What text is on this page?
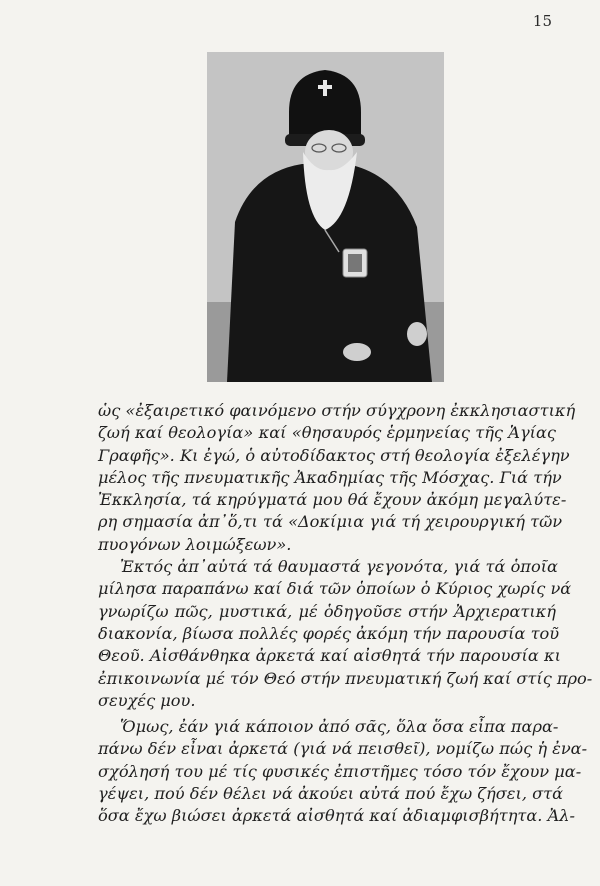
15

ὡς «ἐξαιρετικό φαινόμενο στήν σύγχρονη ἐκκλησιαστική
ζωή καί θεολογία» καί «θησαυρός ἑρμηνείας τῆς Ἁγίας
Γραφῆς». Κι ἐγώ, ὁ αὐτοδίδακτος στή θεολογία ἐξελέγην
μέλος τῆς πνευματικῆς Ἀκαδημίας τῆς Μόσχας. Γιά τήν
Ἐκκλησία, τά κηρύγματά μου θά ἔχουν ἀκόμη μεγαλύτε-
ρη σημασία ἀπ᾿ὅ,τι τά «Δοκίμια γιά τή χειρουργική τῶν
πυογόνων λοιμώξεων».

Ἐκτός ἀπ᾿αὐτά τά θαυμαστά γεγονότα, γιά τά ὁποῖα
μίλησα παραπάνω καί διά τῶν ὁποίων ὁ Κύριος χωρίς νά
γνωρίζω πῶς, μυστικά, μέ ὁδηγοῦσε στήν Ἀρχιερατική
διακονία, βίωσα πολλές φορές ἀκόμη τήν παρουσία τοῦ
Θεοῦ. Αἰσθάνθηκα ἀρκετά καί αἰσθητά τήν παρουσία κι
ἐπικοινωνία μέ τόν Θεό στήν πνευματική ζωή καί στίς προ-
σευχές μου.

Ὅμως, ἐάν γιά κάποιον ἀπό σᾶς, ὅλα ὅσα εἶπα παρα-
πάνω δέν εἶναι ἀρκετά (γιά νά πεισθεῖ), νομίζω πώς ἡ ἐνα-
σχόλησή του μέ τίς φυσικές ἐπιστῆμες τόσο τόν ἔχουν μα-
γέψει, πού δέν θέλει νά ἀκούει αὐτά πού ἔχω ζήσει, στά
ὅσα ἔχω βιώσει ἀρκετά αἰσθητά καί ἀδιαμφισβήτητα. Ἀλ-
